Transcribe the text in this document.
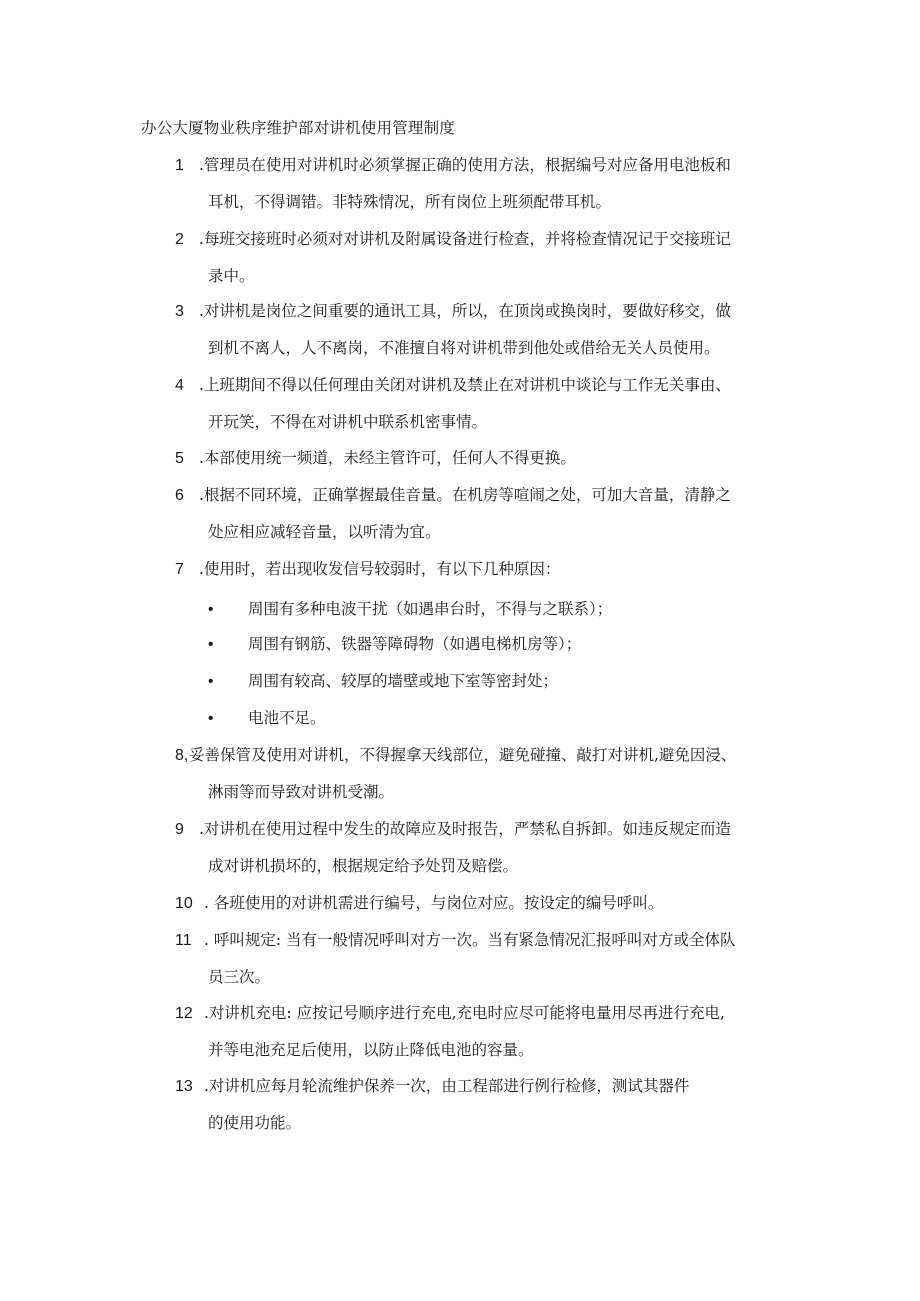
办公大厦物业秩序维护部对讲机使用管理制度
1 .管理员在使用对讲机时必须掌握正确的使用方法，根据编号对应备用电池板和
耳机，不得调错。非特殊情况，所有岗位上班须配带耳机。
2 .每班交接班时必须对对讲机及附属设备进行检查，并将检查情况记于交接班记
录中。
3 .对讲机是岗位之间重要的通讯工具，所以，在顶岗或换岗时，要做好移交，做
到机不离人，人不离岗，不准擅自将对讲机带到他处或借给无关人员使用。
4 .上班期间不得以任何理由关闭对讲机及禁止在对讲机中谈论与工作无关事由、
开玩笑，不得在对讲机中联系机密事情。
5 .本部使用统一频道，未经主管许可，任何人不得更换。
6 .根据不同环境，正确掌握最佳音量。在机房等喧闹之处，可加大音量，清静之
处应相应减轻音量，以听清为宜。
7 .使用时，若出现收发信号较弱时，有以下几种原因：
• 周围有多种电波干扰（如遇串台时，不得与之联系）；
• 周围有钢筋、铁器等障碍物（如遇电梯机房等）；
• 周围有较高、较厚的墙壁或地下室等密封处；
• 电池不足。
8,妥善保管及使用对讲机，不得握拿天线部位，避免碰撞、敲打对讲机,避免因浸、
淋雨等而导致对讲机受潮。
9 .对讲机在使用过程中发生的故障应及时报告，严禁私自拆卸。如违反规定而造
成对讲机损坏的，根据规定给予处罚及赔偿。
10 . 各班使用的对讲机需进行编号，与岗位对应。按设定的编号呼叫。
11 . 呼叫规定: 当有一般情况呼叫对方一次。当有紧急情况汇报呼叫对方或全体队
员三次。
12 .对讲机充电: 应按记号顺序进行充电,充电时应尽可能将电量用尽再进行充电,
并等电池充足后使用，以防止降低电池的容量。
13 .对讲机应每月轮流维护保养一次，由工程部进行例行检修，测试其器件
的使用功能。
